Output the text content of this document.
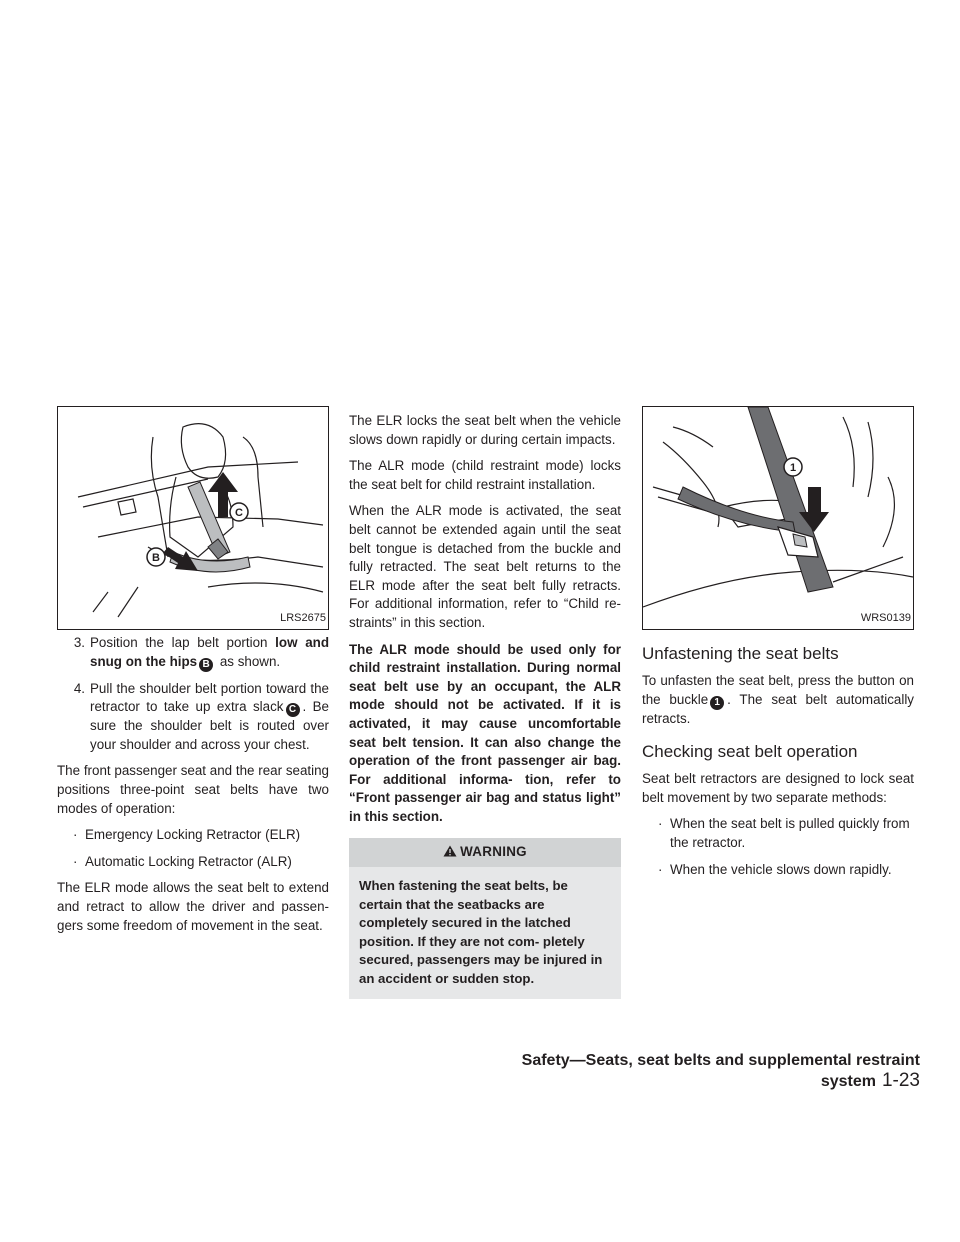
C
B
LRS2675
3. Position the lap belt portion low and snug on the hips B as shown.
4. Pull the shoulder belt portion toward the retractor to take up extra slack C . Be sure the shoulder belt is routed over your shoulder and across your chest.

The front passenger seat and the rear seating positions three-point seat belts have two modes of operation:

· Emergency Locking Retractor (ELR)
· Automatic Locking Retractor (ALR)

The ELR mode allows the seat belt to extend and retract to allow the driver and passen- gers some freedom of movement in the seat.

The ELR locks the seat belt when the vehicle slows down rapidly or during certain impacts.

The ALR mode (child restraint mode) locks the seat belt for child restraint installation.

When the ALR mode is activated, the seat belt cannot be extended again until the seat belt tongue is detached from the buckle and fully retracted. The seat belt returns to the ELR mode after the seat belt fully retracts. For additional information, refer to “Child re- straints” in this section.

The ALR mode should be used only for child restraint installation. During normal seat belt use by an occupant, the ALR mode should not be activated. If it is activated, it may cause uncomfortable seat belt tension. It can also change the operation of the front passenger air bag. For additional informa- tion, refer to “Front passenger air bag and status light” in this section.

WARNING
When fastening the seat belts, be certain that the seatbacks are completely secured in the latched position. If they are not com- pletely secured, passengers may be injured in an accident or sudden stop.
1
WRS0139
Unfastening the seat belts

To unfasten the seat belt, press the button on the buckle 1 . The seat belt automatically retracts.

Checking seat belt operation

Seat belt retractors are designed to lock seat belt movement by two separate methods:

· When the seat belt is pulled quickly from the retractor.
· When the vehicle slows down rapidly.
Safety—Seats, seat belts and supplemental restraint system 1-23
